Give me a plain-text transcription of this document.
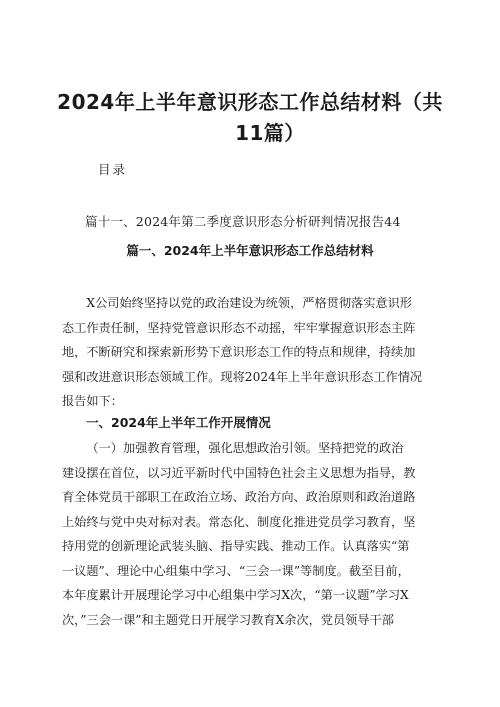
2024年上半年意识形态工作总结材料（共
11篇）
目录
篇十一、2024年第二季度意识形态分析研判情况报告44
篇一、2024年上半年意识形态工作总结材料

X公司始终坚持以党的政治建设为统领，严格贯彻落实意识形
态工作责任制，坚持党管意识形态不动摇，牢牢掌握意识形态主阵
地，不断研究和探索新形势下意识形态工作的特点和规律，持续加
强和改进意识形态领域工作。现将2024年上半年意识形态工作情况
报告如下：

一、2024年上半年工作开展情况

（一）加强教育管理，强化思想政治引领。坚持把党的政治
建设摆在首位，以习近平新时代中国特色社会主义思想为指导，教
育全体党员干部职工在政治立场、政治方向、政治原则和政治道路
上始终与党中央对标对表。常态化、制度化推进党员学习教育，坚
持用党的创新理论武装头脑、指导实践、推动工作。认真落实“第
一议题”、理论中心组集中学习、“三会一课”等制度。截至目前，
本年度累计开展理论学习中心组集中学习X次，“第一议题”学习X
次，”三会一课”和主题党日开展学习教育X余次，党员领导干部
